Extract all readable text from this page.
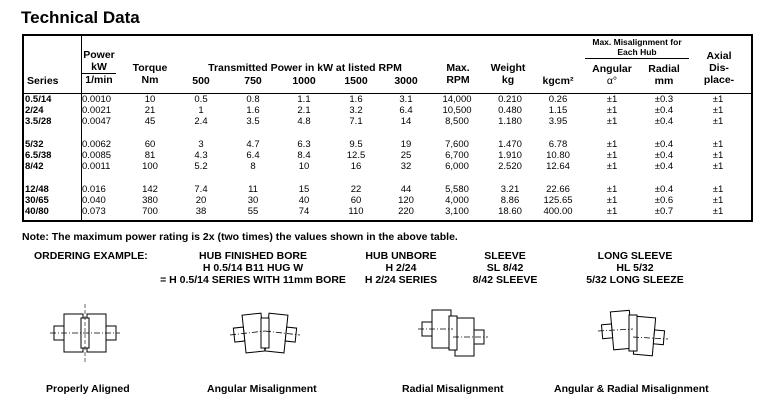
Technical Data
Series
Power
kW
1/min
Torque
Nm
Transmitted Power in kW at listed RPM
500	750	1000	1500	3000
Max.
RPM
Weight
kg	kgcm²
Max. Misalignment for
Each Hub
Angular
α°
Radial
mm
Axial
Dis-
place-
0.5/14	0.0010	10	0.5	0.8	1.1	1.6	3.1	14,000	0.210	0.26	±1	±0.3	±1
2/24	0.0021	21	1	1.6	2.1	3.2	6.4	10,500	0.480	1.15	±1	±0.4	±1
3.5/28	0.0047	45	2.4	3.5	4.8	7.1	14	8,500	1.180	3.95	±1	±0.4	±1
5/32	0.0062	60	3	4.7	6.3	9.5	19	7,600	1.470	6.78	±1	±0.4	±1
6.5/38	0.0085	81	4.3	6.4	8.4	12.5	25	6,700	1.910	10.80	±1	±0.4	±1
8/42	0.0011	100	5.2	8	10	16	32	6,000	2.520	12.64	±1	±0.4	±1
12/48	0.016	142	7.4	11	15	22	44	5,580	3.21	22.66	±1	±0.4	±1
30/65	0.040	380	20	30	40	60	120	4,000	8.86	125.65	±1	±0.6	±1
40/80	0.073	700	38	55	74	110	220	3,100	18.60	400.00	±1	±0.7	±1
Note: The maximum power rating is 2x (two times) the values shown in the above table.
ORDERING EXAMPLE:	HUB FINISHED BORE
H 0.5/14 B11 HUG W
= H 0.5/14 SERIES WITH 11mm BORE
HUB UNBORE
H 2/24
H 2/24 SERIES
SLEEVE
SL 8/42
8/42 SLEEVE
LONG SLEEVE
HL 5/32
5/32 LONG SLEEZE
Properly Aligned	Angular Misalignment	Radial Misalignment	Angular & Radial Misalignment
